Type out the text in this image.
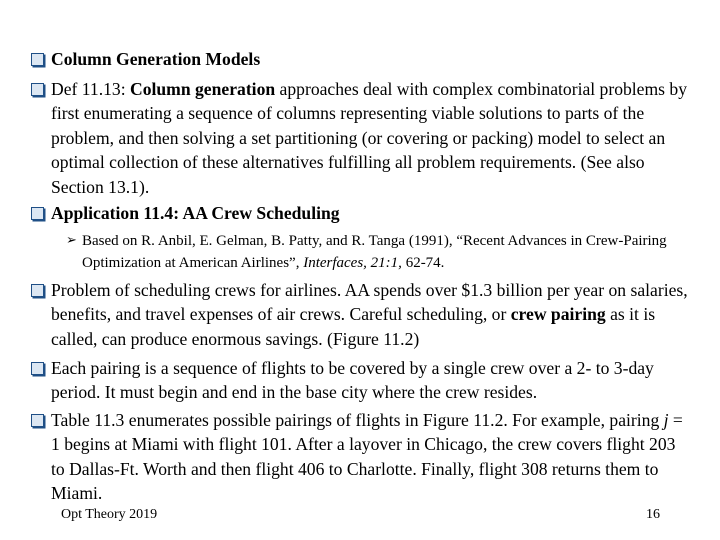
Column Generation Models
Def 11.13: Column generation approaches deal with complex combinatorial problems by first enumerating a sequence of columns representing viable solutions to parts of the problem, and then solving a set partitioning (or covering or packing) model to select an optimal collection of these alternatives fulfilling all problem requirements. (See also Section 13.1).
Application 11.4: AA Crew Scheduling
➢ Based on R. Anbil, E. Gelman, B. Patty, and R. Tanga (1991), “Recent Advances in Crew-Pairing Optimization at American Airlines”, Interfaces, 21:1, 62-74.
Problem of scheduling crews for airlines. AA spends over $1.3 billion per year on salaries, benefits, and travel expenses of air crews. Careful scheduling, or crew pairing as it is called, can produce enormous savings. (Figure 11.2)
Each pairing is a sequence of flights to be covered by a single crew over a 2- to 3-day period. It must begin and end in the base city where the crew resides.
Table 11.3 enumerates possible pairings of flights in Figure 11.2. For example, pairing j = 1 begins at Miami with flight 101. After a layover in Chicago, the crew covers flight 203 to Dallas-Ft. Worth and then flight 406 to Charlotte. Finally, flight 308 returns them to Miami.
Opt Theory 2019	16
